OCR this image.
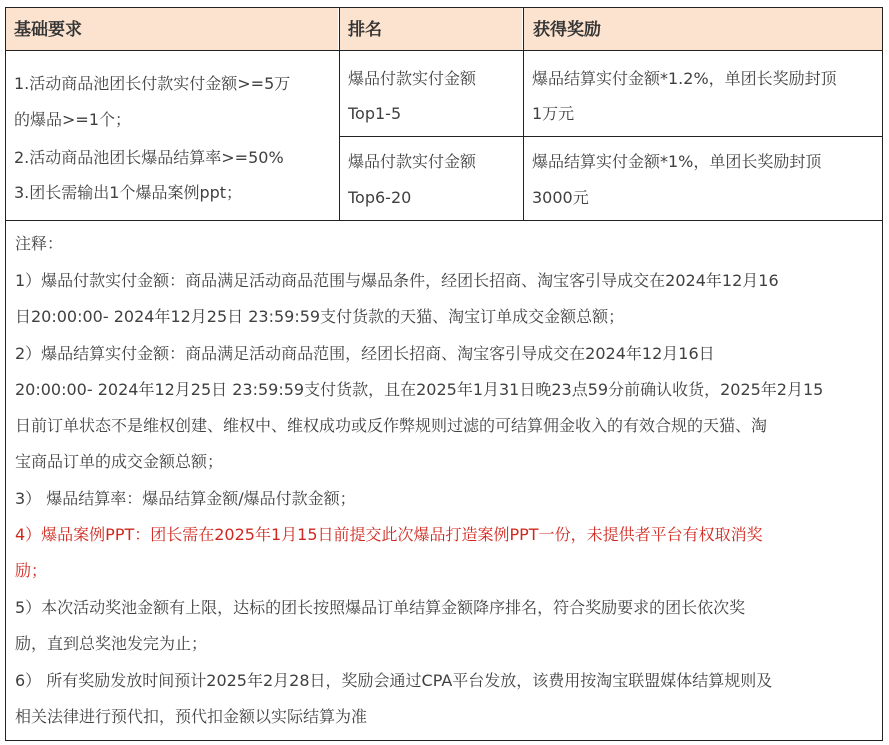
基础要求	排名	获得奖励
1.活动商品池团长付款实付金额>=5万
的爆品>=1个；
2.活动商品池团长爆品结算率>=50%
3.团长需输出1个爆品案例ppt；
爆品付款实付金额
Top1-5
爆品结算实付金额*1.2%，单团长奖励封顶
1万元
爆品付款实付金额
Top6-20
爆品结算实付金额*1%，单团长奖励封顶
3000元
注释：
1）爆品付款实付金额：商品满足活动商品范围与爆品条件，经团长招商、淘宝客引导成交在2024年12月16
日20:00:00- 2024年12月25日 23:59:59支付货款的天猫、淘宝订单成交金额总额；
2）爆品结算实付金额：商品满足活动商品范围，经团长招商、淘宝客引导成交在2024年12月16日
20:00:00- 2024年12月25日 23:59:59支付货款，且在2025年1月31日晚23点59分前确认收货，2025年2月15
日前订单状态不是维权创建、维权中、维权成功或反作弊规则过滤的可结算佣金收入的有效合规的天猫、淘
宝商品订单的成交金额总额；
3） 爆品结算率：爆品结算金额/爆品付款金额；
4）爆品案例PPT：团长需在2025年1月15日前提交此次爆品打造案例PPT一份，未提供者平台有权取消奖
励；
5）本次活动奖池金额有上限，达标的团长按照爆品订单结算金额降序排名，符合奖励要求的团长依次奖
励，直到总奖池发完为止；
6） 所有奖励发放时间预计2025年2月28日，奖励会通过CPA平台发放，该费用按淘宝联盟媒体结算规则及
相关法律进行预代扣，预代扣金额以实际结算为准
